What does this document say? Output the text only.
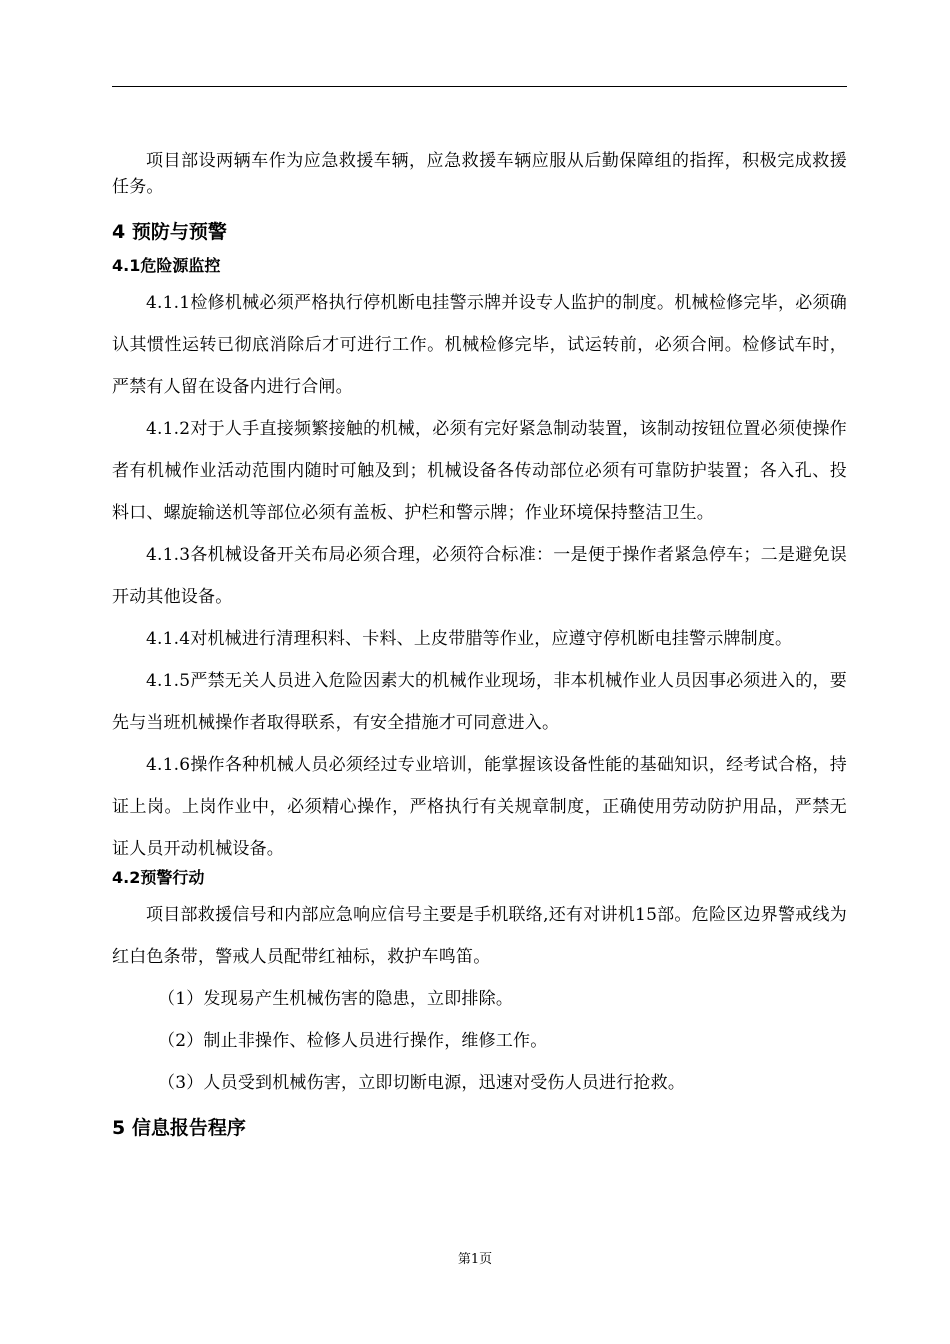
项目部设两辆车作为应急救援车辆，应急救援车辆应服从后勤保障组的指挥，积极完成救援任务。

4 预防与预警
4.1危险源监控

4.1.1检修机械必须严格执行停机断电挂警示牌并设专人监护的制度。机械检修完毕，必须确认其惯性运转已彻底消除后才可进行工作。机械检修完毕，试运转前，必须合闸。检修试车时，严禁有人留在设备内进行合闸。

4.1.2对于人手直接频繁接触的机械，必须有完好紧急制动装置，该制动按钮位置必须使操作者有机械作业活动范围内随时可触及到；机械设备各传动部位必须有可靠防护装置；各入孔、投料口、螺旋输送机等部位必须有盖板、护栏和警示牌；作业环境保持整洁卫生。

4.1.3各机械设备开关布局必须合理，必须符合标准：一是便于操作者紧急停车；二是避免误开动其他设备。

4.1.4对机械进行清理积料、卡料、上皮带腊等作业，应遵守停机断电挂警示牌制度。

4.1.5严禁无关人员进入危险因素大的机械作业现场，非本机械作业人员因事必须进入的，要先与当班机械操作者取得联系，有安全措施才可同意进入。

4.1.6操作各种机械人员必须经过专业培训，能掌握该设备性能的基础知识，经考试合格，持证上岗。上岗作业中，必须精心操作，严格执行有关规章制度，正确使用劳动防护用品，严禁无证人员开动机械设备。

4.2预警行动

项目部救援信号和内部应急响应信号主要是手机联络,还有对讲机15部。危险区边界警戒线为红白色条带，警戒人员配带红袖标，救护车鸣笛。

（1）发现易产生机械伤害的隐患，立即排除。

（2）制止非操作、检修人员进行操作，维修工作。

（3）人员受到机械伤害，立即切断电源，迅速对受伤人员进行抢救。

5 信息报告程序
第1页
